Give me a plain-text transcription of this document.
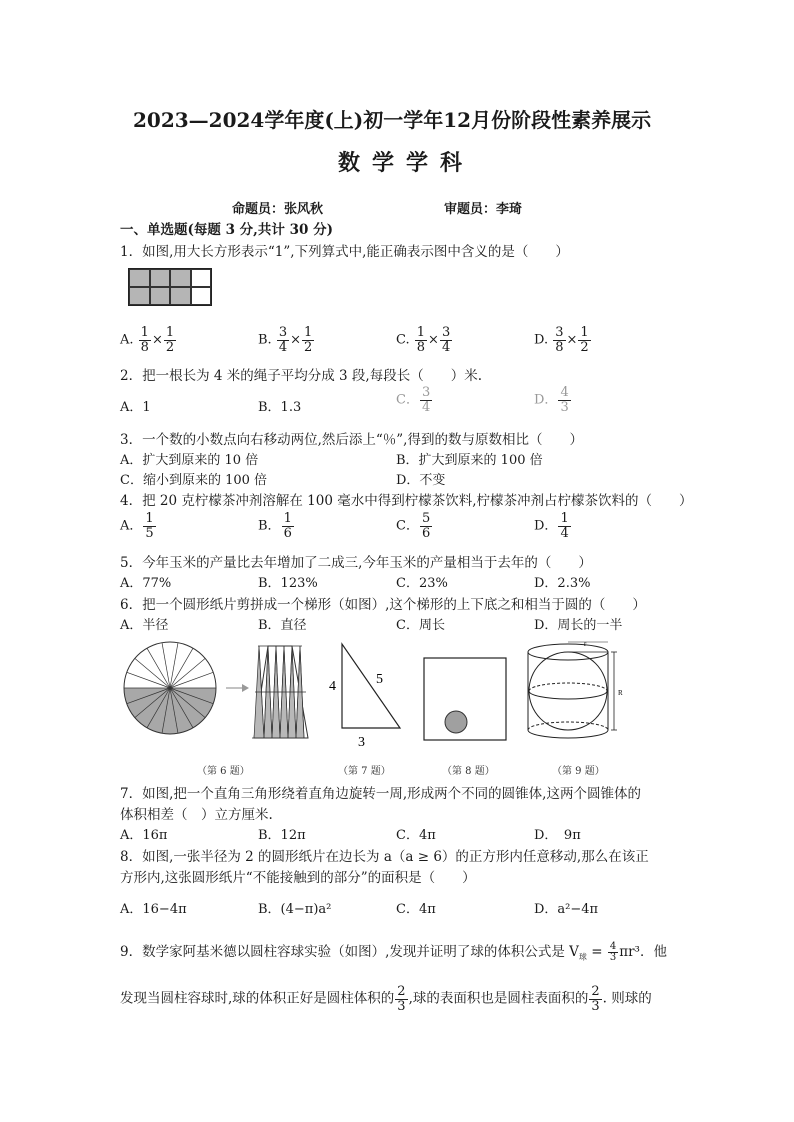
2023—2024学年度(上)初一学年12月份阶段性素养展示
数学学科
命题员：张风秋	审题员：李琦
一、单选题(每题 3 分,共计 30 分)
1．如图,用大长方形表示“1”,下列算式中,能正确表示图中含义的是（　　）
A. $\frac{1}{8} \times \frac{1}{2}$	B. $\frac{3}{4} \times \frac{1}{2}$	C. $\frac{1}{8} \times \frac{3}{4}$	D. $\frac{3}{8} \times \frac{1}{2}$
2．把一根长为 4 米的绳子平均分成 3 段,每段长（　　）米.
A．1	B．1.3	C． $\frac{3}{4}$	D． $\frac{4}{3}$
3．一个数的小数点向右移动两位,然后添上“％”,得到的数与原数相比（　　）
A．扩大到原来的 10 倍	B．扩大到原来的 100 倍
C．缩小到原来的 100 倍	D．不变
4．把 20 克柠檬茶冲剂溶解在 100 毫水中得到柠檬茶饮料,柠檬茶冲剂占柠檬茶饮料的（　　）
A． $\frac{1}{5}$	B． $\frac{1}{6}$	C． $\frac{5}{6}$	D． $\frac{1}{4}$
5．今年玉米的产量比去年增加了二成三,今年玉米的产量相当于去年的（　　）
A．77%	B．123%	C．23%	D．2.3%
6．把一个圆形纸片剪拼成一个梯形（如图）,这个梯形的上下底之和相当于圆的（　　）
A．半径	B．直径	C．周长	D．周长的一半
4	5
3
r
R
（第 6 题）	（第 7 题）	（第 8 题）	（第 9 题）
7．如图,把一个直角三角形绕着直角边旋转一周,形成两个不同的圆锥体,这两个圆锥体的
体积相差（　）立方厘米.
A．16π	B．12π	C．4π	D．　9π
8．如图,一张半径为 2 的圆形纸片在边长为 a（a ≥ 6）的正方形内任意移动,那么在该正
方形内,这张圆形纸片“不能接触到的部分”的面积是（　　）
A．16−4π	B．(4−π)a²	C．4π	D．a²−4π
9．数学家阿基米德以圆柱容球实验（如图）,发现并证明了球的体积公式是 $V_球 = \frac{4}{3} \pi r^3$．他
发现当圆柱容球时,球的体积正好是圆柱体积的 $\frac{2}{3}$ ,球的表面积也是圆柱表面积的 $\frac{2}{3}$ . 则球的
